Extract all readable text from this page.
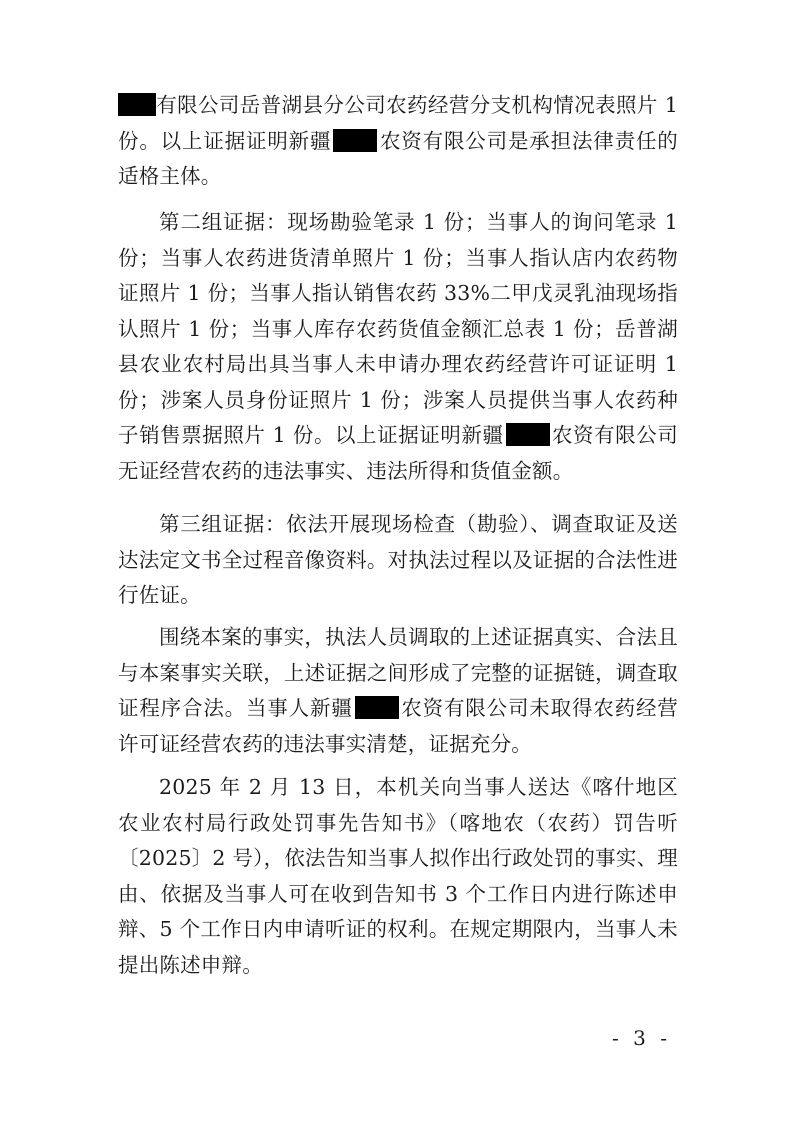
有限公司岳普湖县分公司农药经营分支机构情况表照片 1 份。以上证据证明新疆 农资有限公司是承担法律责任的适格主体。

第二组证据：现场勘验笔录 1 份；当事人的询问笔录 1 份；当事人农药进货清单照片 1 份；当事人指认店内农药物证照片 1 份；当事人指认销售农药 33%二甲戊灵乳油现场指认照片 1 份；当事人库存农药货值金额汇总表 1 份；岳普湖县农业农村局出具当事人未申请办理农药经营许可证证明 1 份；涉案人员身份证照片 1 份；涉案人员提供当事人农药种子销售票据照片 1 份。以上证据证明新疆 农资有限公司无证经营农药的违法事实、违法所得和货值金额。

第三组证据：依法开展现场检查（勘验）、调查取证及送达法定文书全过程音像资料。对执法过程以及证据的合法性进行佐证。

围绕本案的事实，执法人员调取的上述证据真实、合法且与本案事实关联，上述证据之间形成了完整的证据链，调查取证程序合法。当事人新疆 农资有限公司未取得农药经营许可证经营农药的违法事实清楚，证据充分。

2025 年 2 月 13 日，本机关向当事人送达《喀什地区农业农村局行政处罚事先告知书》（喀地农（农药）罚告听〔2025〕2 号），依法告知当事人拟作出行政处罚的事实、理由、依据及当事人可在收到告知书 3 个工作日内进行陈述申辩、5 个工作日内申请听证的权利。在规定期限内，当事人未提出陈述申辩。

- 3 -
